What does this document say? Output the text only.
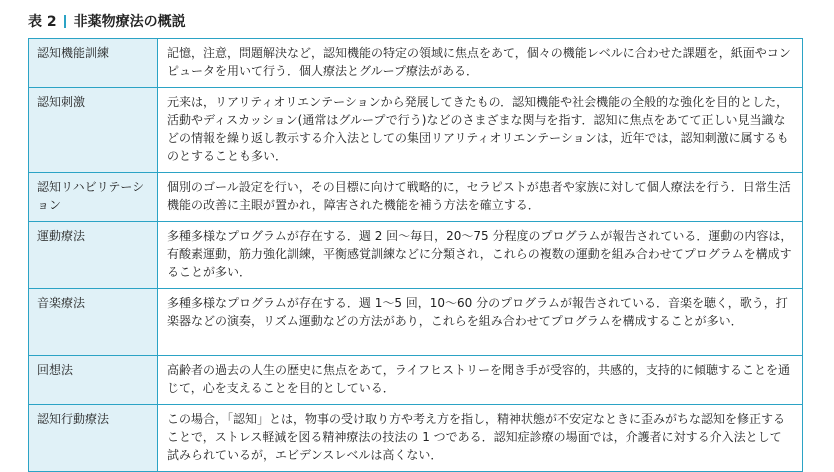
表 2 非薬物療法の概説
認知機能訓練	記憶，注意，問題解決など，認知機能の特定の領域に焦点をあて，個々の機能レベルに合わせた課題を，紙面やコンピュータを用いて行う．個人療法とグループ療法がある．
認知刺激	元来は，リアリティオリエンテーションから発展してきたもの．認知機能や社会機能の全般的な強化を目的とした，活動やディスカッション(通常はグループで行う)などのさまざまな関与を指す．認知に焦点をあてて正しい見当識などの情報を繰り返し教示する介入法としての集団リアリティオリエンテーションは，近年では，認知刺激に属するものとすることも多い．
認知リハビリテーション	個別のゴール設定を行い，その目標に向けて戦略的に，セラピストが患者や家族に対して個人療法を行う．日常生活機能の改善に主眼が置かれ，障害された機能を補う方法を確立する．
運動療法	多種多様なプログラムが存在する．週 2 回～毎日，20～75 分程度のプログラムが報告されている．運動の内容は，有酸素運動，筋力強化訓練，平衡感覚訓練などに分類され，これらの複数の運動を組み合わせてプログラムを構成することが多い．
音楽療法	多種多様なプログラムが存在する．週 1～5 回，10～60 分のプログラムが報告されている．音楽を聴く，歌う，打楽器などの演奏，リズム運動などの方法があり，これらを組み合わせてプログラムを構成することが多い．
回想法	高齢者の過去の人生の歴史に焦点をあて，ライフヒストリーを聞き手が受容的，共感的，支持的に傾聴することを通じて，心を支えることを目的としている．
認知行動療法	この場合，「認知」とは，物事の受け取り方や考え方を指し，精神状態が不安定なときに歪みがちな認知を修正することで，ストレス軽減を図る精神療法の技法の 1 つである．認知症診療の場面では，介護者に対する介入法として試みられているが，エビデンスレベルは高くない．
